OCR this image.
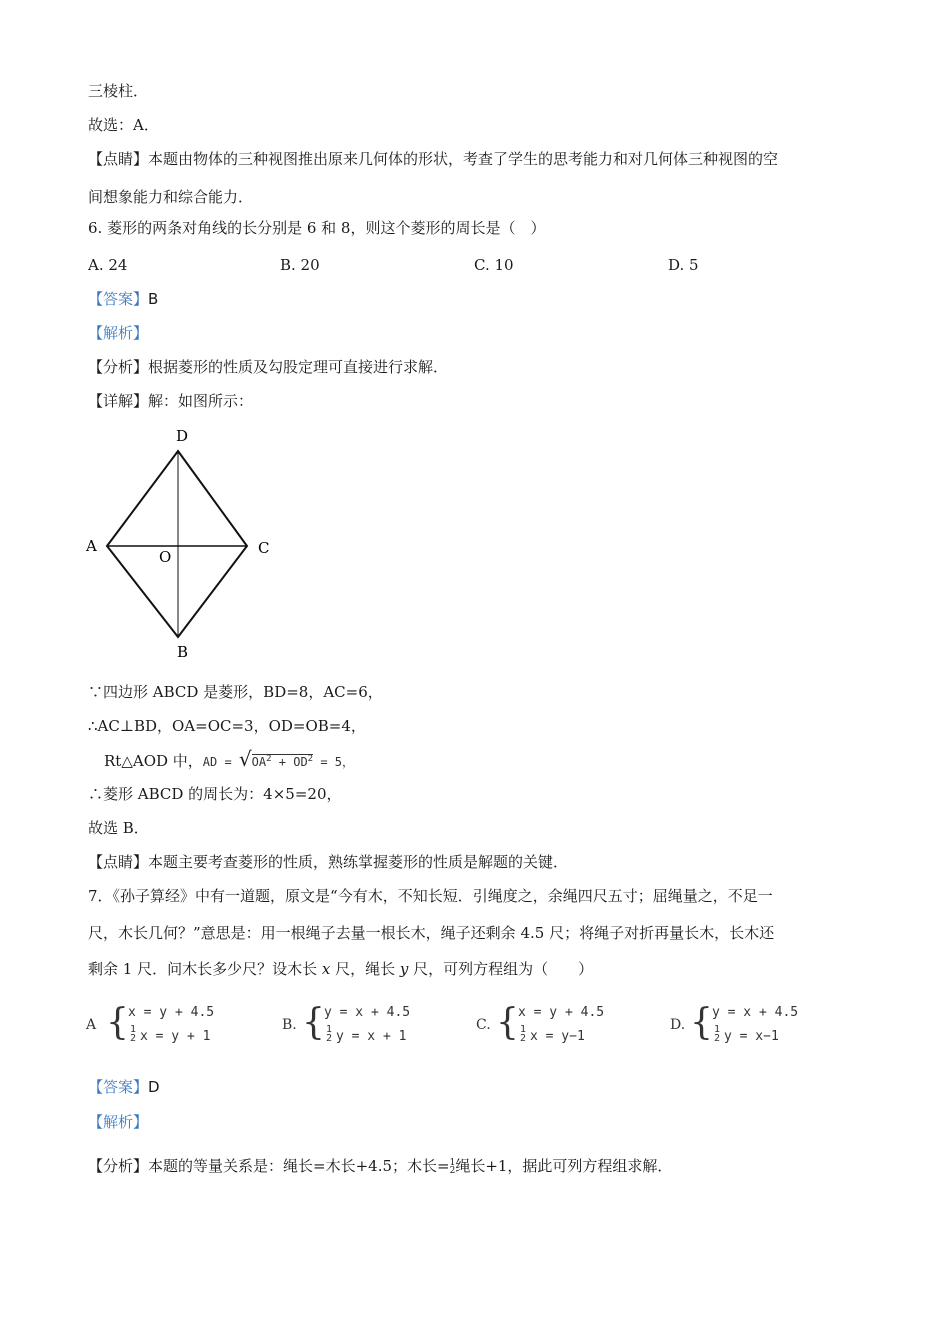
三棱柱．
故选：A．
【点睛】本题由物体的三种视图推出原来几何体的形状，考查了学生的思考能力和对几何体三种视图的空
间想象能力和综合能力．
6. 菱形的两条对角线的长分别是 6 和 8，则这个菱形的周长是（　）
A. 24	B. 20	C. 10	D. 5
【答案】B
【解析】
【分析】根据菱形的性质及勾股定理可直接进行求解．
【详解】解：如图所示：
D
A	C
O
B
∵四边形 ABCD 是菱形，BD=8，AC=6，
∴AC⊥BD，OA=OC=3，OD=OB=4，
Rt△AOD 中，AD = $√OA^2 + OD^2 = 5$，
∴菱形 ABCD 的周长为：4×5=20，
故选 B．
【点睛】本题主要考查菱形的性质，熟练掌握菱形的性质是解题的关键．
7．《孙子算经》中有一道题，原文是“今有木，不知长短．引绳度之，余绳四尺五寸；屈绳量之，不足一
尺，木长几何？”意思是：用一根绳子去量一根长木，绳子还剩余 4.5 尺；将绳子对折再量长木，长木还
剩余 1 尺．问木长多少尺？设木长 x 尺，绳长 y 尺，可列方程组为（　　）
A { x = y + 4.5
1
2 x = y + 1
B. { y = x + 4.5
1
2 y = x + 1
C. { x = y + 4.5
1
2 x = y−1
D. { y = x + 4.5
1
2 y = x−1
【答案】D
【解析】
【分析】本题的等量关系是：绳长=木长+4.5；木长=1
2绳长+1，据此可列方程组求解．
